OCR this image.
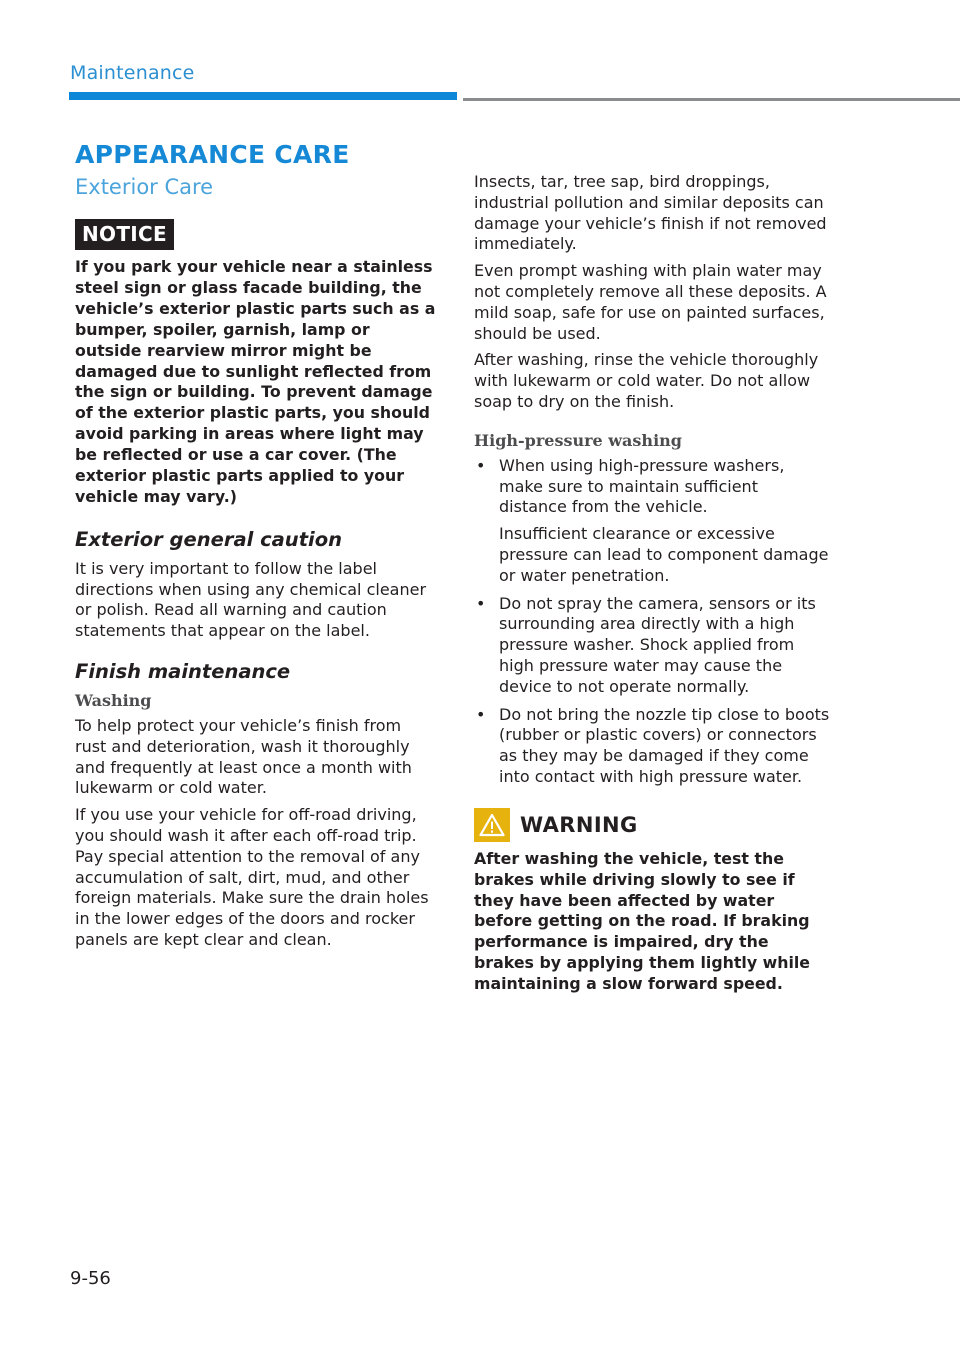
Maintenance
APPEARANCE CARE
Exterior Care
NOTICE

If you park your vehicle near a stainless steel sign or glass facade building, the vehicle’s exterior plastic parts such as a bumper, spoiler, garnish, lamp or outside rearview mirror might be damaged due to sunlight reflected from the sign or building. To prevent damage of the exterior plastic parts, you should avoid parking in areas where light may be reflected or use a car cover. (The exterior plastic parts applied to your vehicle may vary.)

Exterior general caution

It is very important to follow the label directions when using any chemical cleaner or polish. Read all warning and caution statements that appear on the label.

Finish maintenance
Washing

To help protect your vehicle’s finish from rust and deterioration, wash it thoroughly and frequently at least once a month with lukewarm or cold water.

If you use your vehicle for off-road driving, you should wash it after each off-road trip. Pay special attention to the removal of any accumulation of salt, dirt, mud, and other foreign materials. Make sure the drain holes in the lower edges of the doors and rocker panels are kept clear and clean.

Insects, tar, tree sap, bird droppings, industrial pollution and similar deposits can damage your vehicle’s finish if not removed immediately.

Even prompt washing with plain water may not completely remove all these deposits. A mild soap, safe for use on painted surfaces, should be used.

After washing, rinse the vehicle thoroughly with lukewarm or cold water. Do not allow soap to dry on the finish.

High-pressure washing
• When using high-pressure washers, make sure to maintain sufficient distance from the vehicle.

Insufficient clearance or excessive pressure can lead to component damage or water penetration.

• Do not spray the camera, sensors or its surrounding area directly with a high pressure washer. Shock applied from high pressure water may cause the device to not operate normally.

• Do not bring the nozzle tip close to boots (rubber or plastic covers) or connectors as they may be damaged if they come into contact with high pressure water.

WARNING

After washing the vehicle, test the brakes while driving slowly to see if they have been affected by water before getting on the road. If braking performance is impaired, dry the brakes by applying them lightly while maintaining a slow forward speed.

9-56
